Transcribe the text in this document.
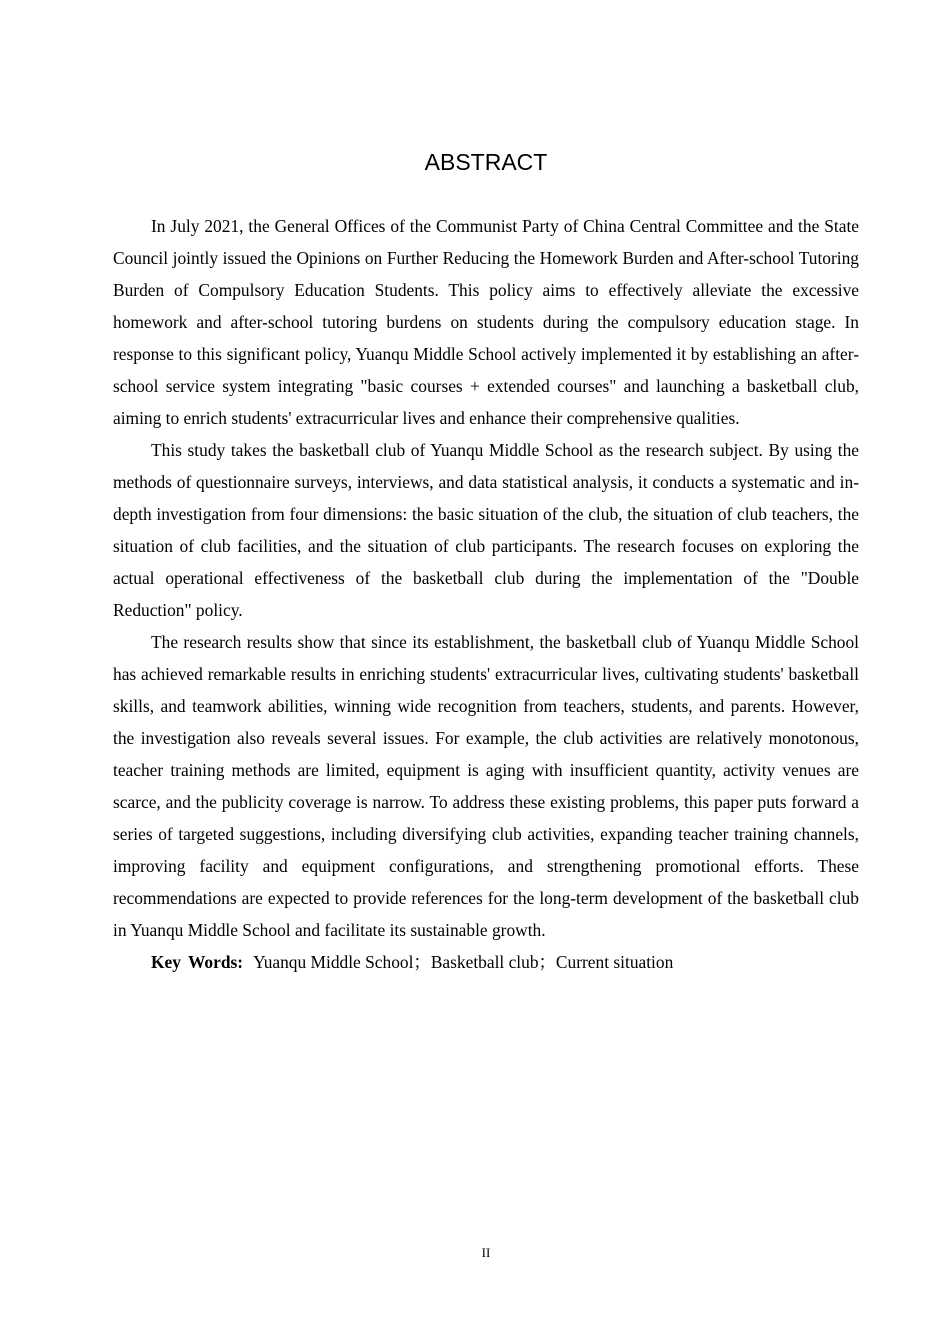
ABSTRACT

In July 2021, the General Offices of the Communist Party of China Central Committee and the State Council jointly issued the Opinions on Further Reducing the Homework Burden and After-school Tutoring Burden of Compulsory Education Students. This policy aims to effectively alleviate the excessive homework and after-school tutoring burdens on students during the compulsory education stage. In response to this significant policy, Yuanqu Middle School actively implemented it by establishing an after-school service system integrating "basic courses + extended courses" and launching a basketball club, aiming to enrich students' extracurricular lives and enhance their comprehensive qualities.

This study takes the basketball club of Yuanqu Middle School as the research subject. By using the methods of questionnaire surveys, interviews, and data statistical analysis, it conducts a systematic and in-depth investigation from four dimensions: the basic situation of the club, the situation of club teachers, the situation of club facilities, and the situation of club participants. The research focuses on exploring the actual operational effectiveness of the basketball club during the implementation of the "Double Reduction" policy.

The research results show that since its establishment, the basketball club of Yuanqu Middle School has achieved remarkable results in enriching students' extracurricular lives, cultivating students' basketball skills, and teamwork abilities, winning wide recognition from teachers, students, and parents. However, the investigation also reveals several issues. For example, the club activities are relatively monotonous, teacher training methods are limited, equipment is aging with insufficient quantity, activity venues are scarce, and the publicity coverage is narrow. To address these existing problems, this paper puts forward a series of targeted suggestions, including diversifying club activities, expanding teacher training channels, improving facility and equipment configurations, and strengthening promotional efforts. These recommendations are expected to provide references for the long-term development of the basketball club in Yuanqu Middle School and facilitate its sustainable growth.

Key Words: Yuanqu Middle School；Basketball club；Current situation

II
